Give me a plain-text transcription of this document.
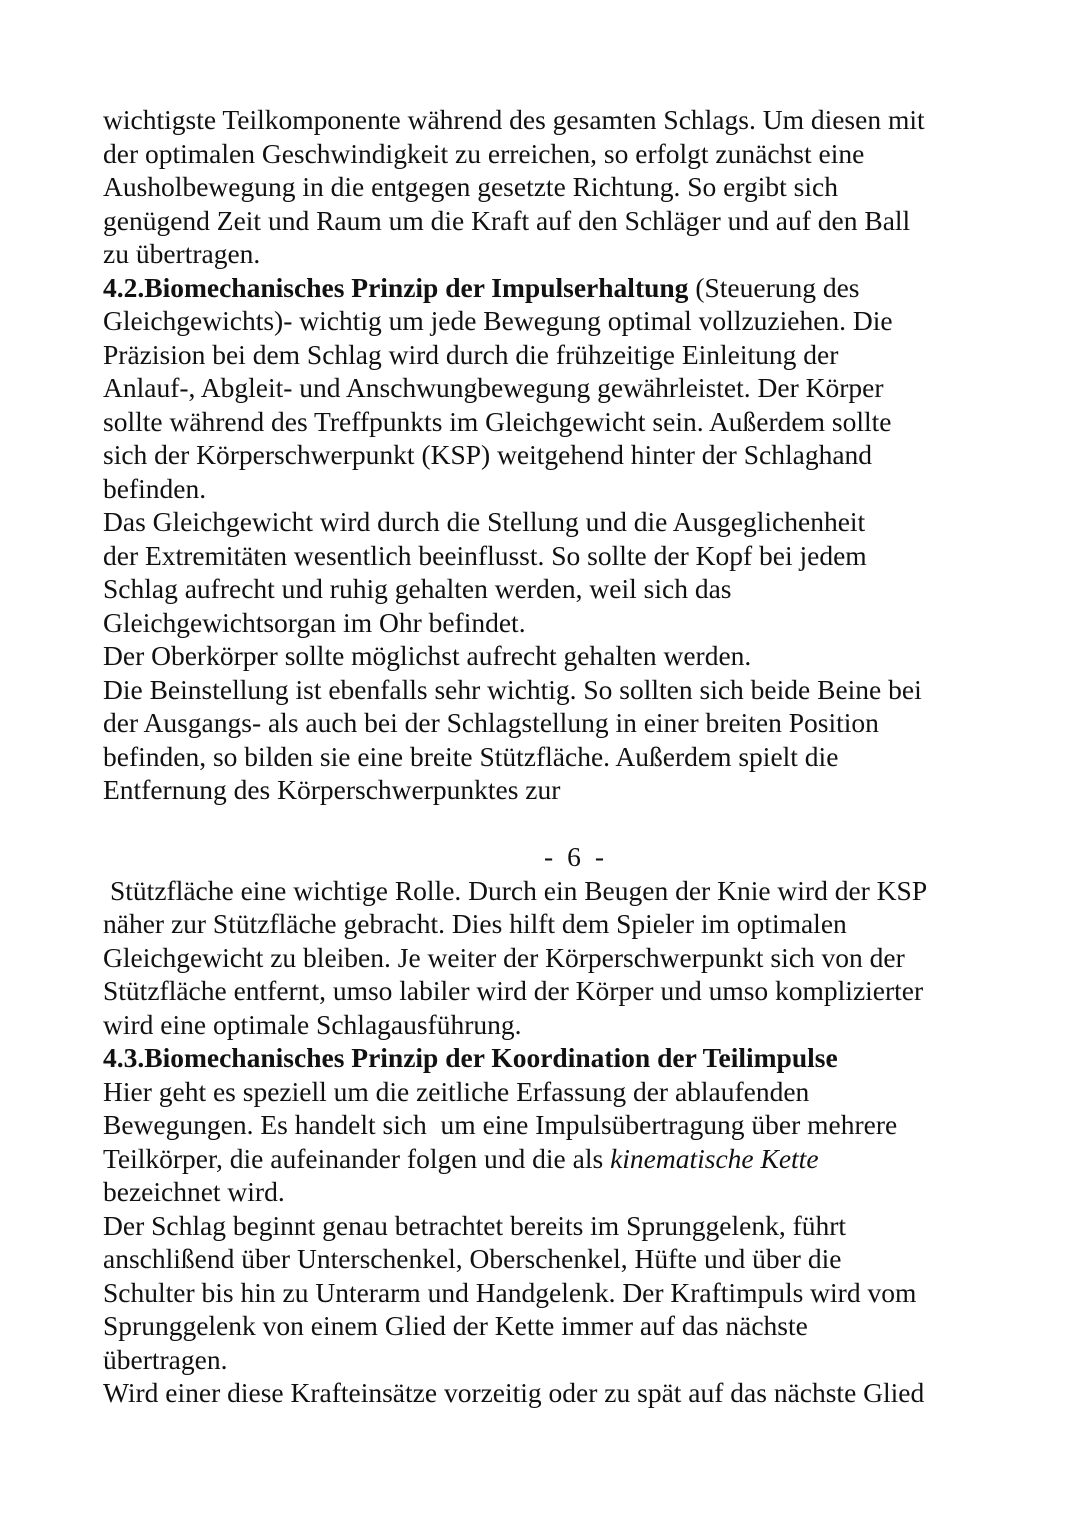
wichtigste Teilkomponente während des gesamten Schlags. Um diesen mit
der optimalen Geschwindigkeit zu erreichen, so erfolgt zunächst eine
Ausholbewegung in die entgegen gesetzte Richtung. So ergibt sich
genügend Zeit und Raum um die Kraft auf den Schläger und auf den Ball
zu übertragen.
4.2.Biomechanisches Prinzip der Impulserhaltung (Steuerung des
Gleichgewichts)- wichtig um jede Bewegung optimal vollzuziehen. Die
Präzision bei dem Schlag wird durch die frühzeitige Einleitung der
Anlauf-, Abgleit- und Anschwungbewegung gewährleistet. Der Körper
sollte während des Treffpunkts im Gleichgewicht sein. Außerdem sollte
sich der Körperschwerpunkt (KSP) weitgehend hinter der Schlaghand
befinden.
Das Gleichgewicht wird durch die Stellung und die Ausgeglichenheit
der Extremitäten wesentlich beeinflusst. So sollte der Kopf bei jedem
Schlag aufrecht und ruhig gehalten werden, weil sich das
Gleichgewichtsorgan im Ohr befindet.
Der Oberkörper sollte möglichst aufrecht gehalten werden.
Die Beinstellung ist ebenfalls sehr wichtig. So sollten sich beide Beine bei
der Ausgangs- als auch bei der Schlagstellung in einer breiten Position
befinden, so bilden sie eine breite Stützfläche. Außerdem spielt die
Entfernung des Körperschwerpunktes zur
- 6 -
Stützfläche eine wichtige Rolle. Durch ein Beugen der Knie wird der KSP
näher zur Stützfläche gebracht. Dies hilft dem Spieler im optimalen
Gleichgewicht zu bleiben. Je weiter der Körperschwerpunkt sich von der
Stützfläche entfernt, umso labiler wird der Körper und umso komplizierter
wird eine optimale Schlagausführung.
4.3.Biomechanisches Prinzip der Koordination der Teilimpulse
Hier geht es speziell um die zeitliche Erfassung der ablaufenden
Bewegungen. Es handelt sich  um eine Impulsübertragung über mehrere
Teilkörper, die aufeinander folgen und die als kinematische Kette
bezeichnet wird.
Der Schlag beginnt genau betrachtet bereits im Sprunggelenk, führt
anschlißend über Unterschenkel, Oberschenkel, Hüfte und über die
Schulter bis hin zu Unterarm und Handgelenk. Der Kraftimpuls wird vom
Sprunggelenk von einem Glied der Kette immer auf das nächste
übertragen.
Wird einer diese Krafteinsätze vorzeitig oder zu spät auf das nächste Glied
